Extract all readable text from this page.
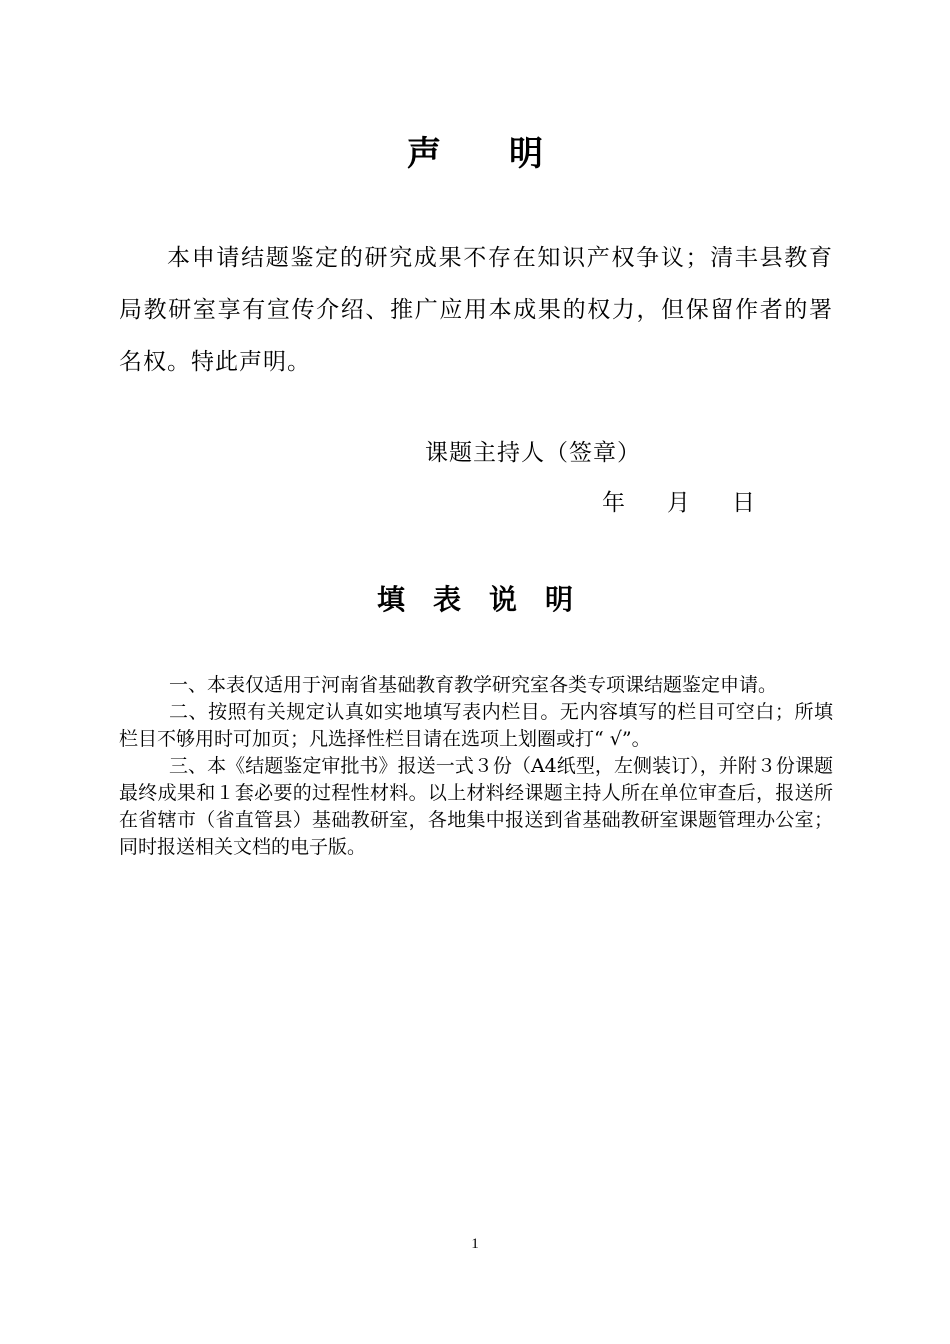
声　　明

本申请结题鉴定的研究成果不存在知识产权争议；清丰县教育局教研室享有宣传介绍、推广应用本成果的权力，但保留作者的署名权。特此声明。

课题主持人（签章）
年 月 日
填　表　说　明

一、本表仅适用于河南省基础教育教学研究室各类专项课结题鉴定申请。

二、按照有关规定认真如实地填写表内栏目。无内容填写的栏目可空白；所填栏目不够用时可加页；凡选择性栏目请在选项上划圈或打“ √”。

三、本《结题鉴定审批书》报送一式３份（A4纸型，左侧装订），并附３份课题最终成果和１套必要的过程性材料。以上材料经课题主持人所在单位审查后，报送所在省辖市（省直管县）基础教研室，各地集中报送到省基础教研室课题管理办公室；同时报送相关文档的电子版。

1
